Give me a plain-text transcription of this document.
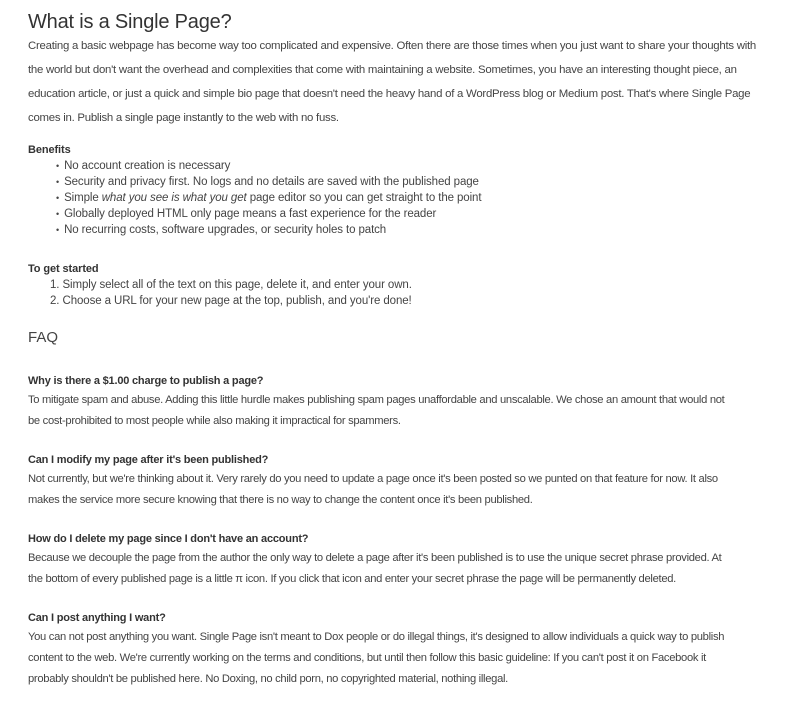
What is a Single Page?
Creating a basic webpage has become way too complicated and expensive. Often there are those times when you just want to share your thoughts with
the world but don't want the overhead and complexities that come with maintaining a website. Sometimes, you have an interesting thought piece, an
education article, or just a quick and simple bio page that doesn't need the heavy hand of a WordPress blog or Medium post. That's where Single Page
comes in. Publish a single page instantly to the web with no fuss.
Benefits
• No account creation is necessary
• Security and privacy first. No logs and no details are saved with the published page
• Simple what you see is what you get page editor so you can get straight to the point
• Globally deployed HTML only page means a fast experience for the reader
• No recurring costs, software upgrades, or security holes to patch
To get started
1. Simply select all of the text on this page, delete it, and enter your own.
2. Choose a URL for your new page at the top, publish, and you're done!
FAQ
Why is there a $1.00 charge to publish a page?
To mitigate spam and abuse. Adding this little hurdle makes publishing spam pages unaffordable and unscalable. We chose an amount that would not
be cost-prohibited to most people while also making it impractical for spammers.
Can I modify my page after it's been published?
Not currently, but we're thinking about it. Very rarely do you need to update a page once it's been posted so we punted on that feature for now. It also
makes the service more secure knowing that there is no way to change the content once it's been published.
How do I delete my page since I don't have an account?
Because we decouple the page from the author the only way to delete a page after it's been published is to use the unique secret phrase provided. At
the bottom of every published page is a little π icon. If you click that icon and enter your secret phrase the page will be permanently deleted.
Can I post anything I want?
You can not post anything you want. Single Page isn't meant to Dox people or do illegal things, it's designed to allow individuals a quick way to publish
content to the web. We're currently working on the terms and conditions, but until then follow this basic guideline: If you can't post it on Facebook it
probably shouldn't be published here. No Doxing, no child porn, no copyrighted material, nothing illegal.
